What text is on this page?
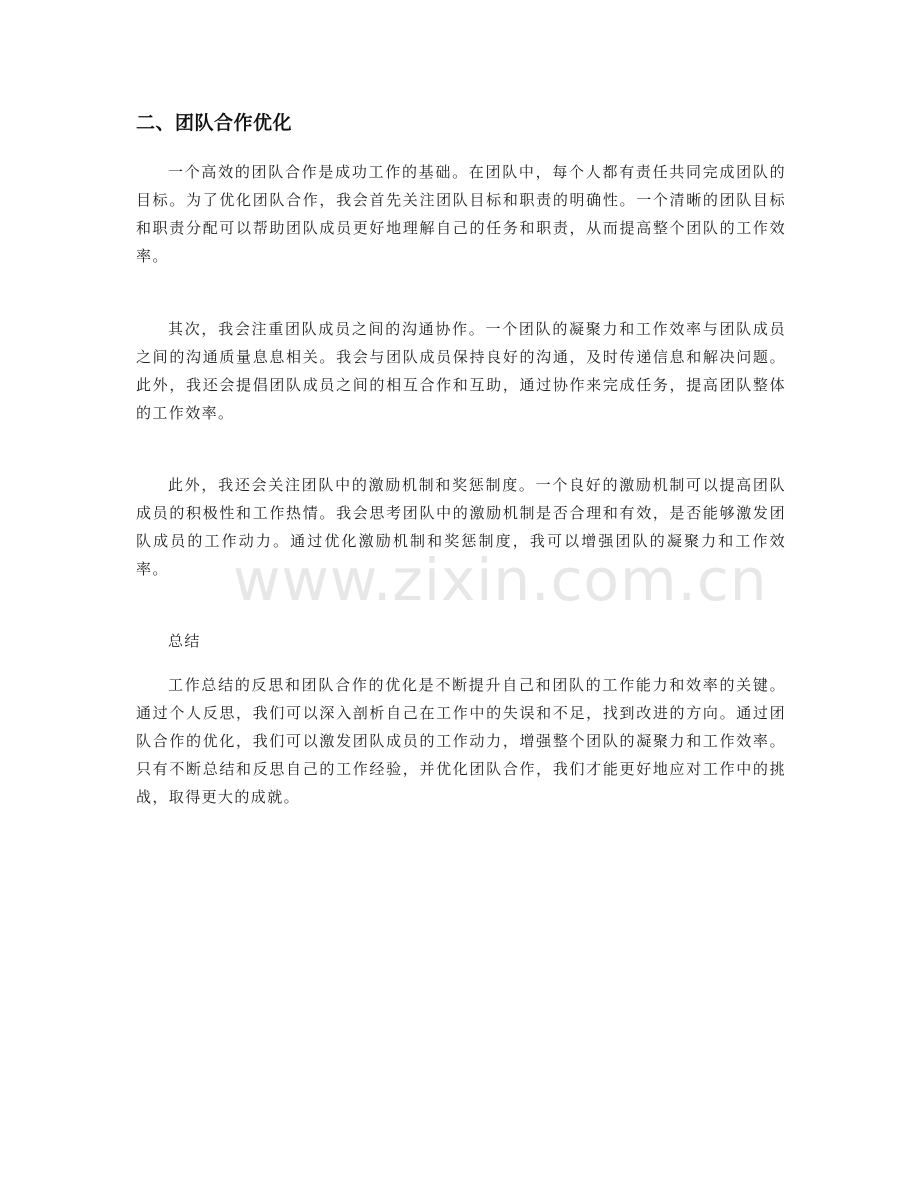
二、团队合作优化

一个高效的团队合作是成功工作的基础。在团队中，每个人都有责任共同完成团队的目标。为了优化团队合作，我会首先关注团队目标和职责的明确性。一个清晰的团队目标和职责分配可以帮助团队成员更好地理解自己的任务和职责，从而提高整个团队的工作效率。

其次，我会注重团队成员之间的沟通协作。一个团队的凝聚力和工作效率与团队成员之间的沟通质量息息相关。我会与团队成员保持良好的沟通，及时传递信息和解决问题。此外，我还会提倡团队成员之间的相互合作和互助，通过协作来完成任务，提高团队整体的工作效率。

此外，我还会关注团队中的激励机制和奖惩制度。一个良好的激励机制可以提高团队成员的积极性和工作热情。我会思考团队中的激励机制是否合理和有效，是否能够激发团队成员的工作动力。通过优化激励机制和奖惩制度，我可以增强团队的凝聚力和工作效率。

总结

工作总结的反思和团队合作的优化是不断提升自己和团队的工作能力和效率的关键。通过个人反思，我们可以深入剖析自己在工作中的失误和不足，找到改进的方向。通过团队合作的优化，我们可以激发团队成员的工作动力，增强整个团队的凝聚力和工作效率。只有不断总结和反思自己的工作经验，并优化团队合作，我们才能更好地应对工作中的挑战，取得更大的成就。

www.zixin.com.cn
